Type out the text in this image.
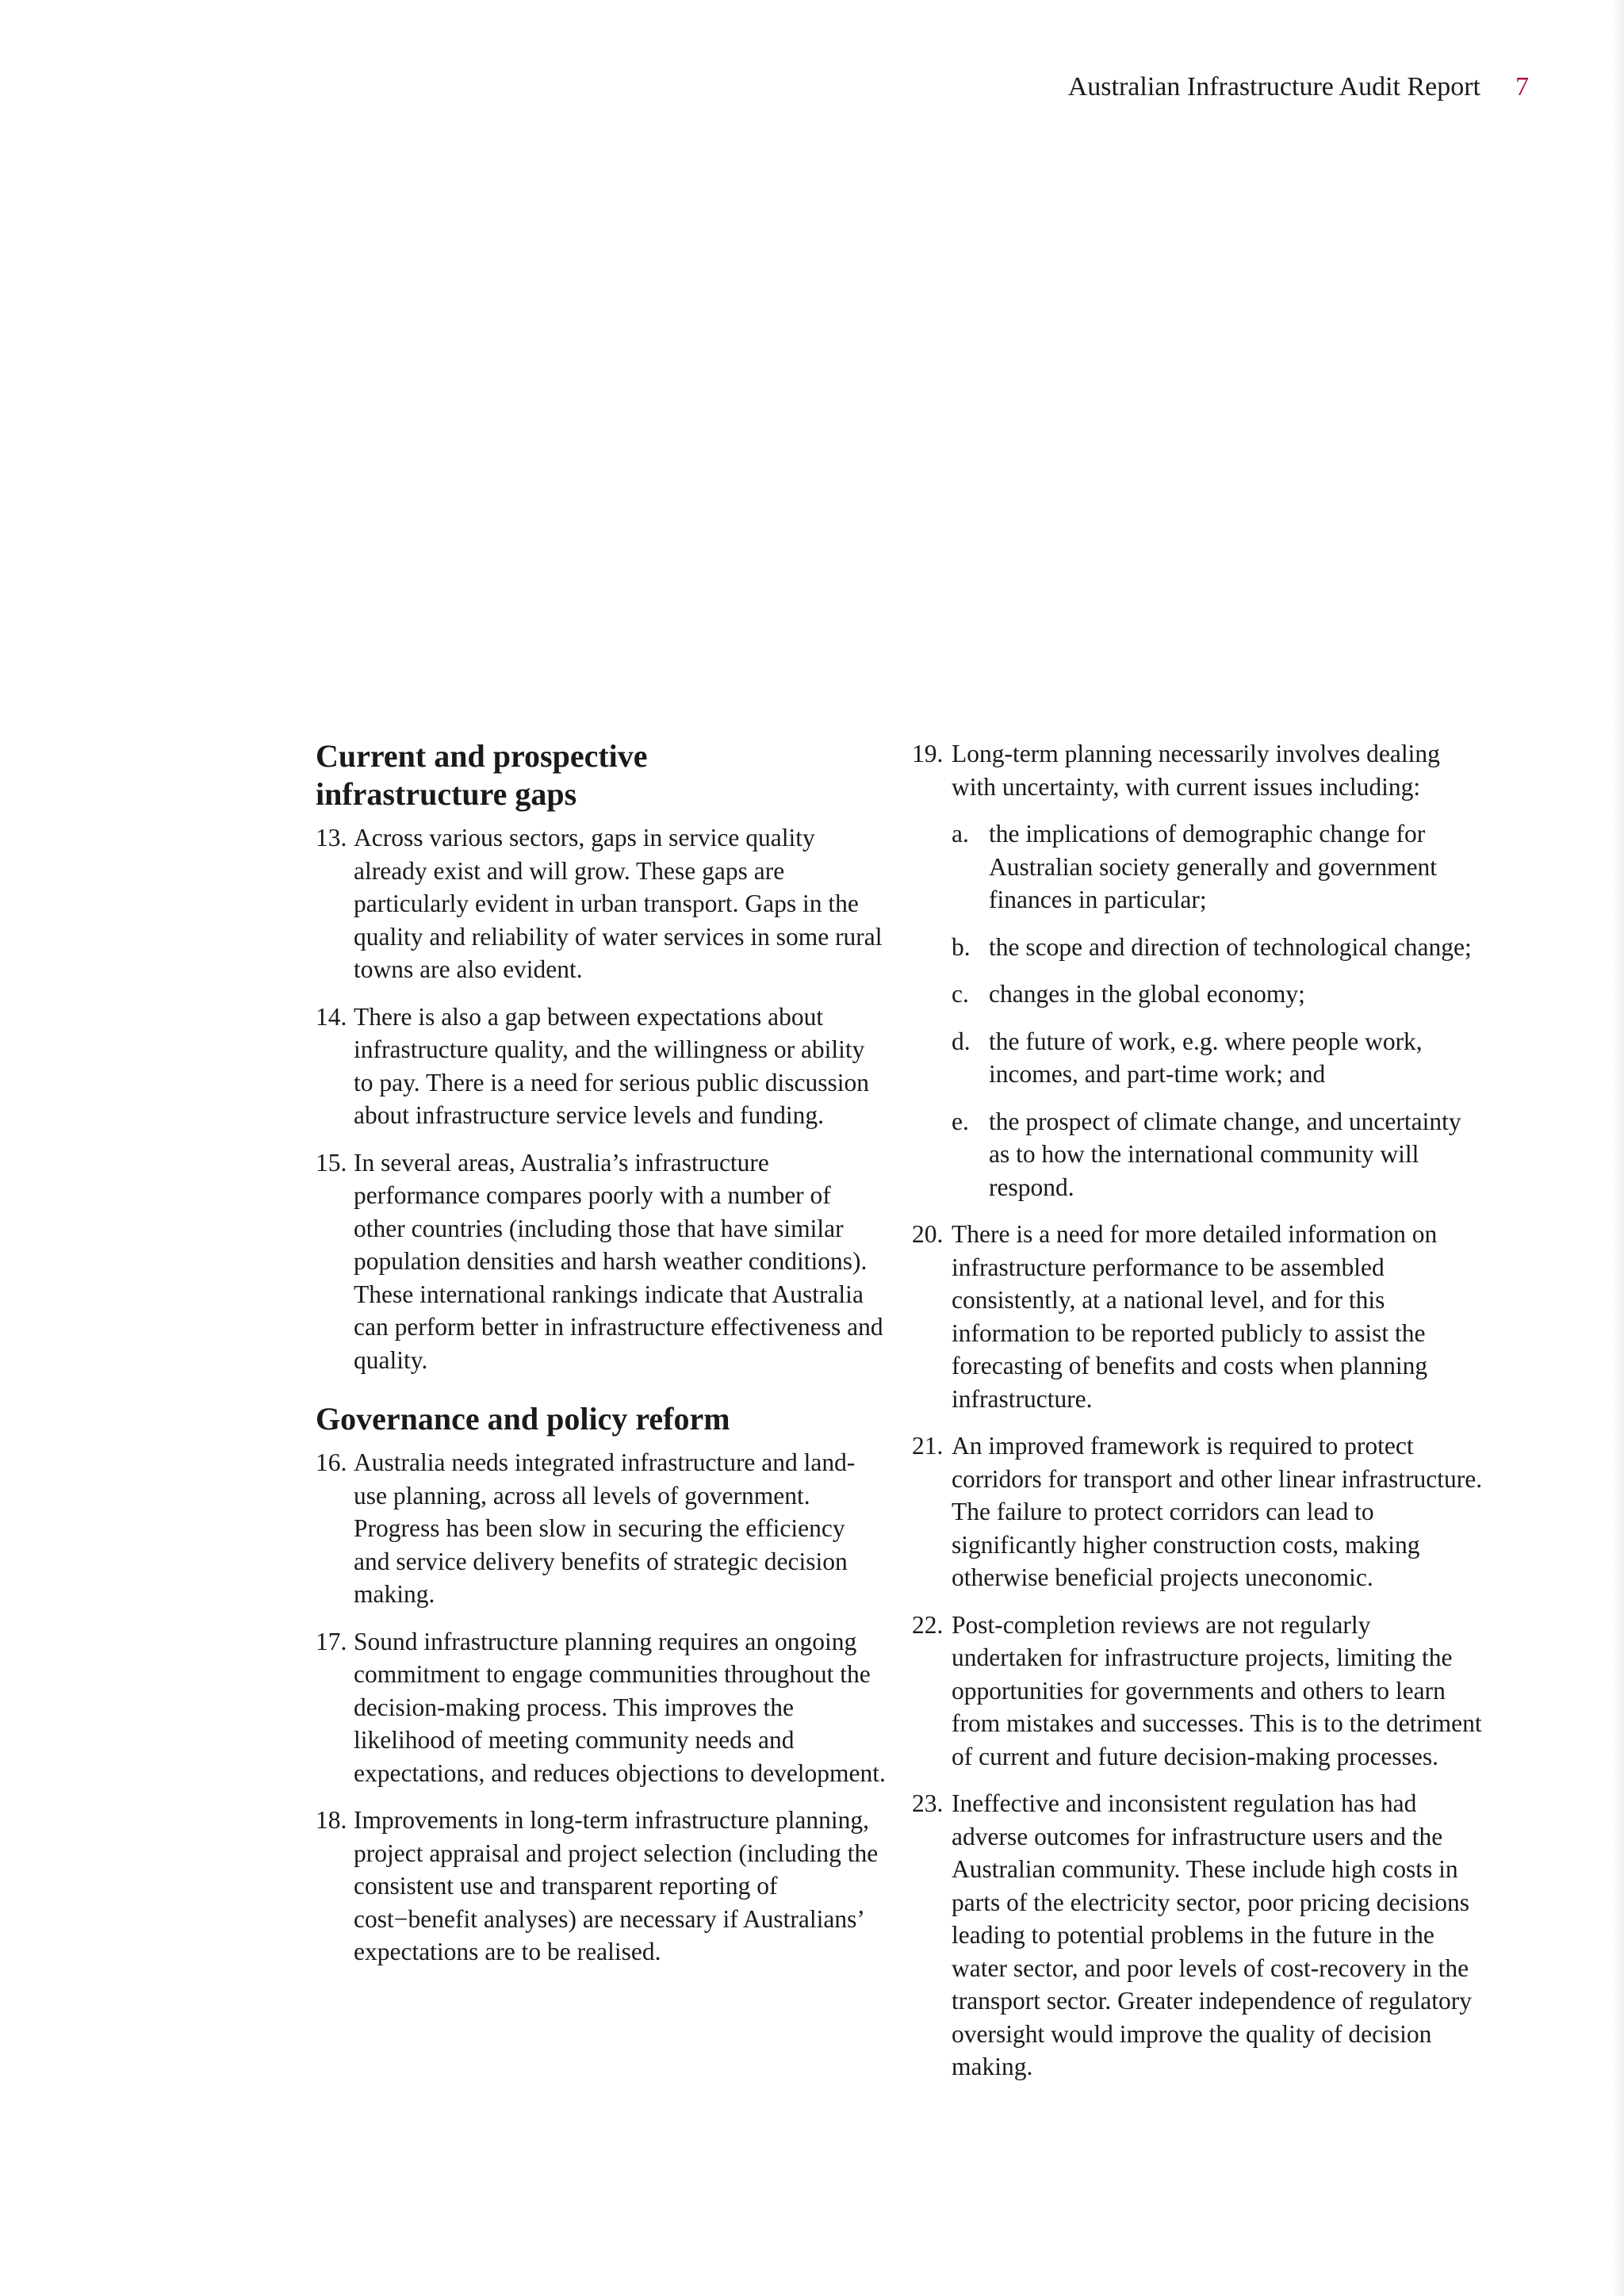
Australian Infrastructure Audit Report 7
Current and prospective
infrastructure gaps
13. Across various sectors, gaps in service quality already exist and will grow. These gaps are particularly evident in urban transport. Gaps in the quality and reliability of water services in some rural towns are also evident.
14. There is also a gap between expectations about infrastructure quality, and the willingness or ability to pay. There is a need for serious public discussion about infrastructure service levels and funding.
15. In several areas, Australia’s infrastructure performance compares poorly with a number of other countries (including those that have similar population densities and harsh weather conditions). These international rankings indicate that Australia can perform better in infrastructure effectiveness and quality.
Governance and policy reform
16. Australia needs integrated infrastructure and land-use planning, across all levels of government. Progress has been slow in securing the efficiency and service delivery benefits of strategic decision making.
17. Sound infrastructure planning requires an ongoing commitment to engage communities throughout the decision-making process. This improves the likelihood of meeting community needs and expectations, and reduces objections to development.
18. Improvements in long-term infrastructure planning, project appraisal and project selection (including the consistent use and transparent reporting of cost−benefit analyses) are necessary if Australians’ expectations are to be realised.
19. Long-term planning necessarily involves dealing with uncertainty, with current issues including:
a. the implications of demographic change for Australian society generally and government finances in particular;
b. the scope and direction of technological change;
c. changes in the global economy;
d. the future of work, e.g. where people work, incomes, and part-time work; and
e. the prospect of climate change, and uncertainty as to how the international community will respond.
20. There is a need for more detailed information on infrastructure performance to be assembled consistently, at a national level, and for this information to be reported publicly to assist the forecasting of benefits and costs when planning infrastructure.
21. An improved framework is required to protect corridors for transport and other linear infrastructure. The failure to protect corridors can lead to significantly higher construction costs, making otherwise beneficial projects uneconomic.
22. Post-completion reviews are not regularly undertaken for infrastructure projects, limiting the opportunities for governments and others to learn from mistakes and successes. This is to the detriment of current and future decision-making processes.
23. Ineffective and inconsistent regulation has had adverse outcomes for infrastructure users and the Australian community. These include high costs in parts of the electricity sector, poor pricing decisions leading to potential problems in the future in the water sector, and poor levels of cost-recovery in the transport sector. Greater independence of regulatory oversight would improve the quality of decision making.
